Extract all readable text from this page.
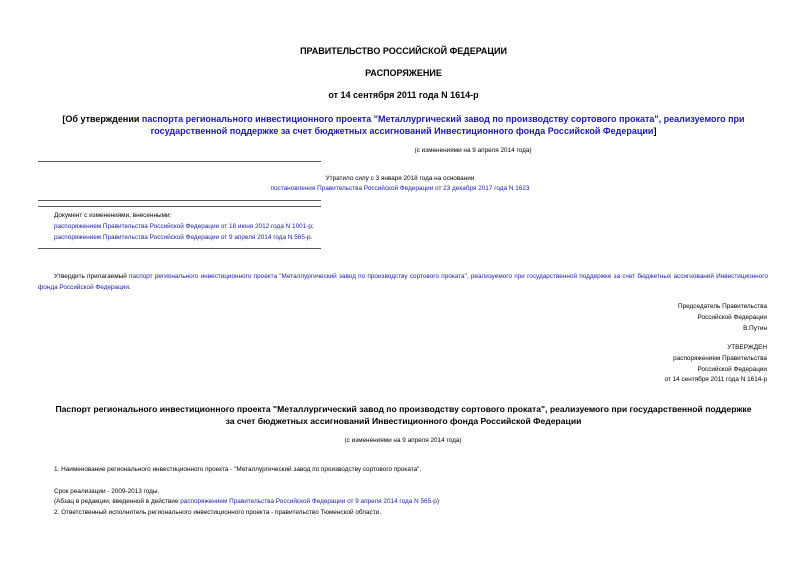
ПРАВИТЕЛЬСТВО РОССИЙСКОЙ ФЕДЕРАЦИИ
РАСПОРЯЖЕНИЕ
от 14 сентября 2011 года N 1614-р
[Об утверждении паспорта регионального инвестиционного проекта "Металлургический завод по производству сортового проката", реализуемого при
государственной поддержке за счет бюджетных ассигнований Инвестиционного фонда Российской Федерации]
(с изменениями на 9 апреля 2014 года)
Утратило силу с 3 января 2018 года на основании
постановления Правительства Российской Федерации от 23 декабря 2017 года N 1623
Документ с изменениями, внесенными:
распоряжением Правительства Российской Федерации от 18 июня 2012 года N 1001-р;
распоряжением Правительства Российской Федерации от 9 апреля 2014 года N 565-р.
Утвердить прилагаемый паспорт регионального инвестиционного проекта "Металлургический завод по производству сортового проката", реализуемого при государственной поддержке за счет бюджетных ассигнований Инвестиционного фонда Российской Федерации.
Председатель Правительства
Российской Федерации
В.Путин
УТВЕРЖДЕН
распоряжением Правительства
Российской Федерации
от 14 сентября 2011 года N 1614-р
Паспорт регионального инвестиционного проекта "Металлургический завод по производству сортового проката", реализуемого при государственной поддержке
за счет бюджетных ассигнований Инвестиционного фонда Российской Федерации
(с изменениями на 9 апреля 2014 года)
1. Наименование регионального инвестиционного проекта - "Металлургический завод по производству сортового проката".
Срок реализации - 2009-2013 годы.
(Абзац в редакции, введенной в действие распоряжением Правительства Российской Федерации от 9 апреля 2014 года N 565-р)
2. Ответственный исполнитель регионального инвестиционного проекта - правительство Тюменской области.
